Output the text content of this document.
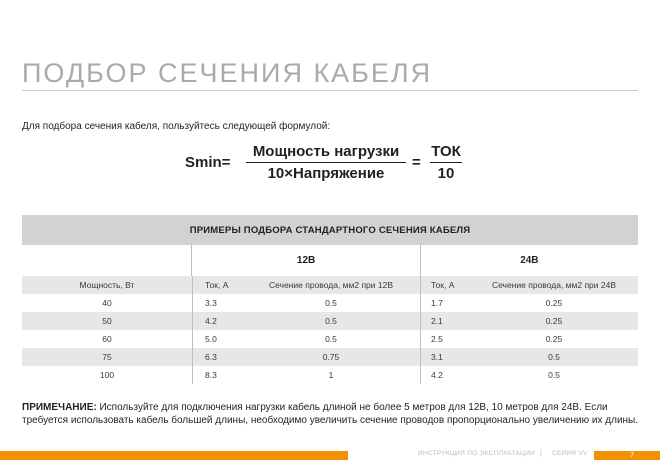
ПОДБОР СЕЧЕНИЯ КАБЕЛЯ
Для подбора сечения кабеля, пользуйтесь следующей формулой:
Smin=
Мощность нагрузки
10×Напряжение
=
ТОК
10
ПРИМЕРЫ ПОДБОРА СТАНДАРТНОГО СЕЧЕНИЯ КАБЕЛЯ
12В	24В
Мощность, Вт	Ток, А	Сечение провода, мм2 при 12В	Ток, А	Сечение провода, мм2 при 24В
40	3.3	0.5	1.7	0.25
50	4.2	0.5	2.1	0.25
60	5.0	0.5	2.5	0.25
75	6.3	0.75	3.1	0.5
100	8.3	1	4.2	0.5
ПРИМЕЧАНИЕ: Используйте для подключения нагрузки кабель длиной не более 5 метров для 12В, 10 метров для 24В. Если требуется использовать кабель большей длины, необходимо увеличить сечение проводов пропорционально увеличению их длины.
ИНСТРУКЦИЯ ПО ЭКСПЛУАТАЦИИ | СЕРИЯ VV	7
